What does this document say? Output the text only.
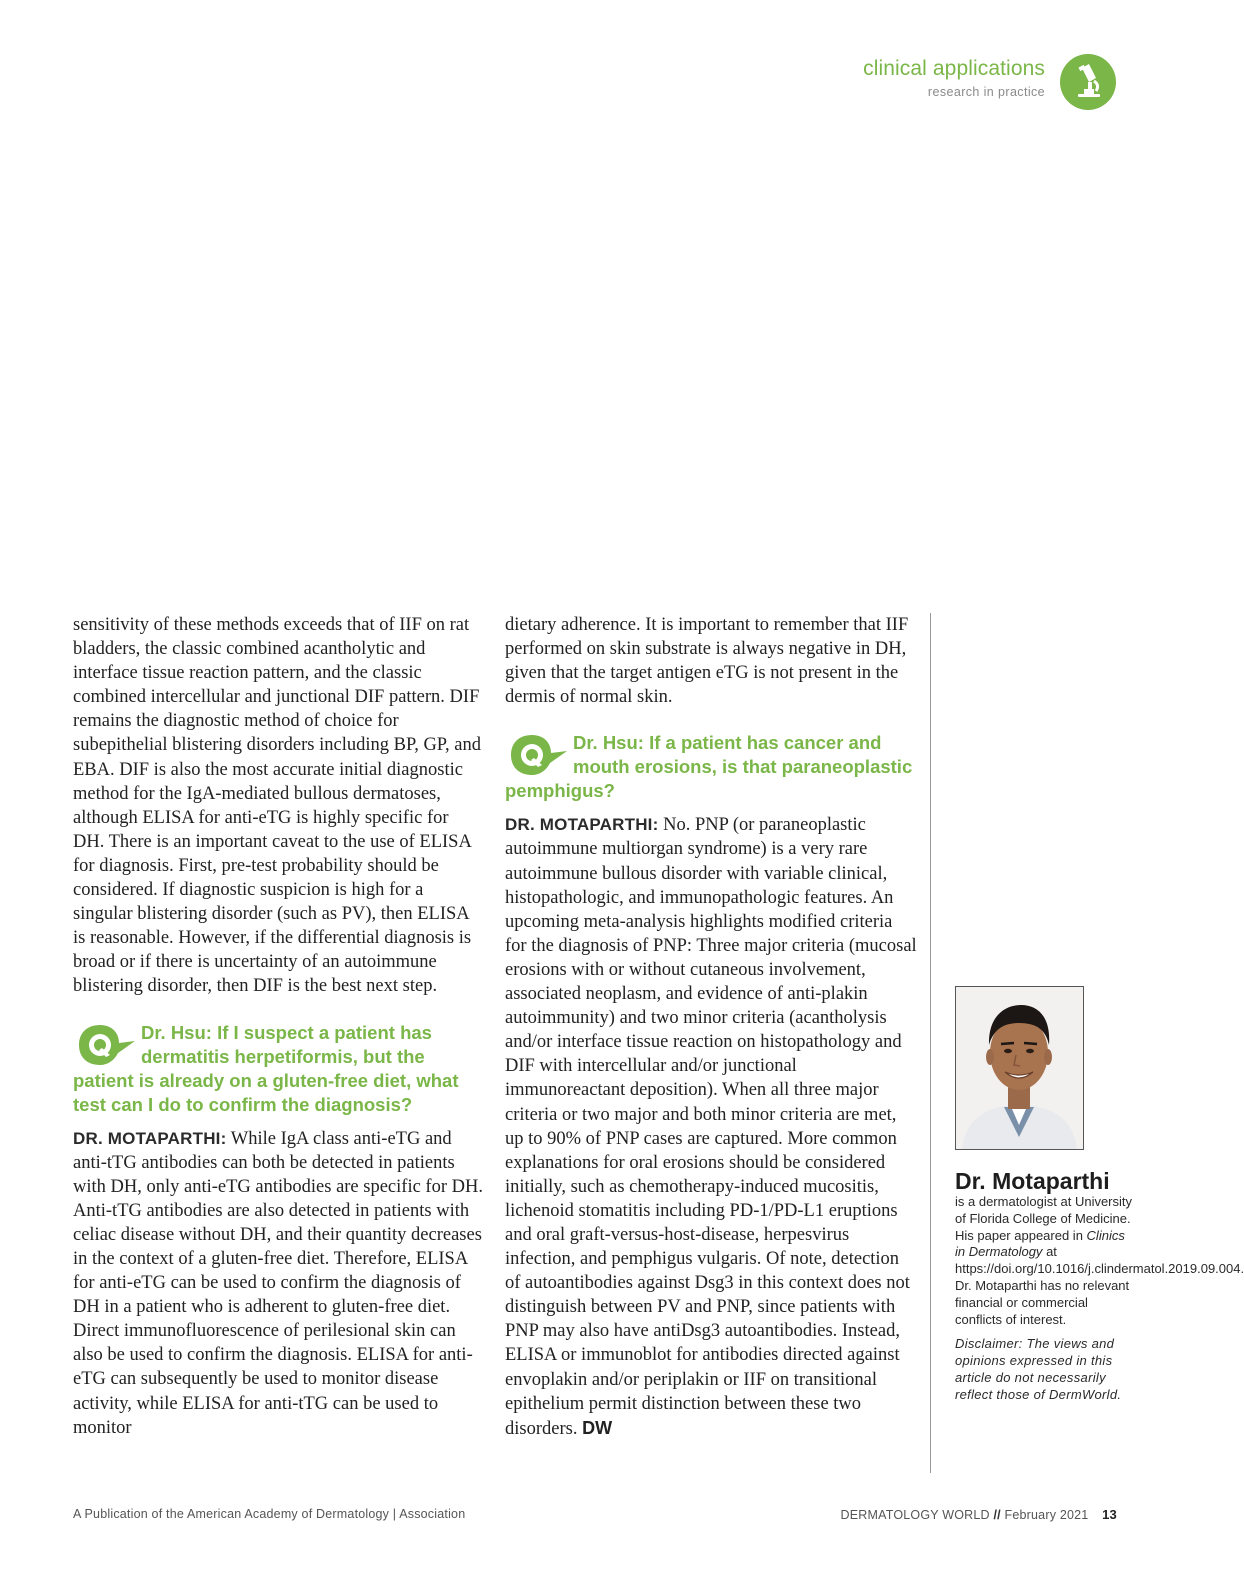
clinical applications
research in practice

sensitivity of these methods exceeds that of IIF on rat bladders, the classic combined acantholytic and interface tissue reaction pattern, and the classic combined intercellular and junctional DIF pattern. DIF remains the diagnostic method of choice for subepithelial blistering disorders including BP, GP, and EBA. DIF is also the most accurate initial diagnostic method for the IgA-mediated bullous dermatoses, although ELISA for anti-eTG is highly specific for DH. There is an important caveat to the use of ELISA for diagnosis. First, pre-test probability should be considered. If diagnostic suspicion is high for a singular blistering disorder (such as PV), then ELISA is reasonable. However, if the differential diagnosis is broad or if there is uncertainty of an autoimmune blistering disorder, then DIF is the best next step.

Dr. Hsu: If I suspect a patient has dermatitis herpetiformis, but the patient is already on a gluten-free diet, what test can I do to confirm the diagnosis?

DR. MOTAPARTHI: While IgA class anti-eTG and anti-tTG antibodies can both be detected in patients with DH, only anti-eTG antibodies are specific for DH. Anti-tTG antibodies are also detected in patients with celiac disease without DH, and their quantity decreases in the context of a gluten-free diet. Therefore, ELISA for anti-eTG can be used to confirm the diagnosis of DH in a patient who is adherent to gluten-free diet. Direct immunofluorescence of perilesional skin can also be used to confirm the diagnosis. ELISA for anti-eTG can subsequently be used to monitor disease activity, while ELISA for anti-tTG can be used to monitor

dietary adherence. It is important to remember that IIF performed on skin substrate is always negative in DH, given that the target antigen eTG is not present in the dermis of normal skin.

Dr. Hsu: If a patient has cancer and mouth erosions, is that paraneoplastic pemphigus?

DR. MOTAPARTHI: No. PNP (or paraneoplastic autoimmune multiorgan syndrome) is a very rare autoimmune bullous disorder with variable clinical, histopathologic, and immunopathologic features. An upcoming meta-analysis highlights modified criteria for the diagnosis of PNP: Three major criteria (mucosal erosions with or without cutaneous involvement, associated neoplasm, and evidence of anti-plakin autoimmunity) and two minor criteria (acantholysis and/or interface tissue reaction on histopathology and DIF with intercellular and/or junctional immunoreactant deposition). When all three major criteria or two major and both minor criteria are met, up to 90% of PNP cases are captured. More common explanations for oral erosions should be considered initially, such as chemotherapy-induced mucositis, lichenoid stomatitis including PD-1/PD-L1 eruptions and oral graft-versus-host-disease, herpesvirus infection, and pemphigus vulgaris. Of note, detection of autoantibodies against Dsg3 in this context does not distinguish between PV and PNP, since patients with PNP may also have antiDsg3 autoantibodies. Instead, ELISA or immunoblot for antibodies directed against envoplakin and/or periplakin or IIF on transitional epithelium permit distinction between these two disorders. DW

Dr. Motaparthi

is a dermatologist at University of Florida College of Medicine. His paper appeared in Clinics in Dermatology at https://doi.org/10.1016/j.clindermatol.2019.09.004. Dr. Motaparthi has no relevant financial or commercial conflicts of interest.

Disclaimer: The views and opinions expressed in this article do not necessarily reflect those of DermWorld.

A Publication of the American Academy of Dermatology | Association	DERMATOLOGY WORLD // February 2021 13
